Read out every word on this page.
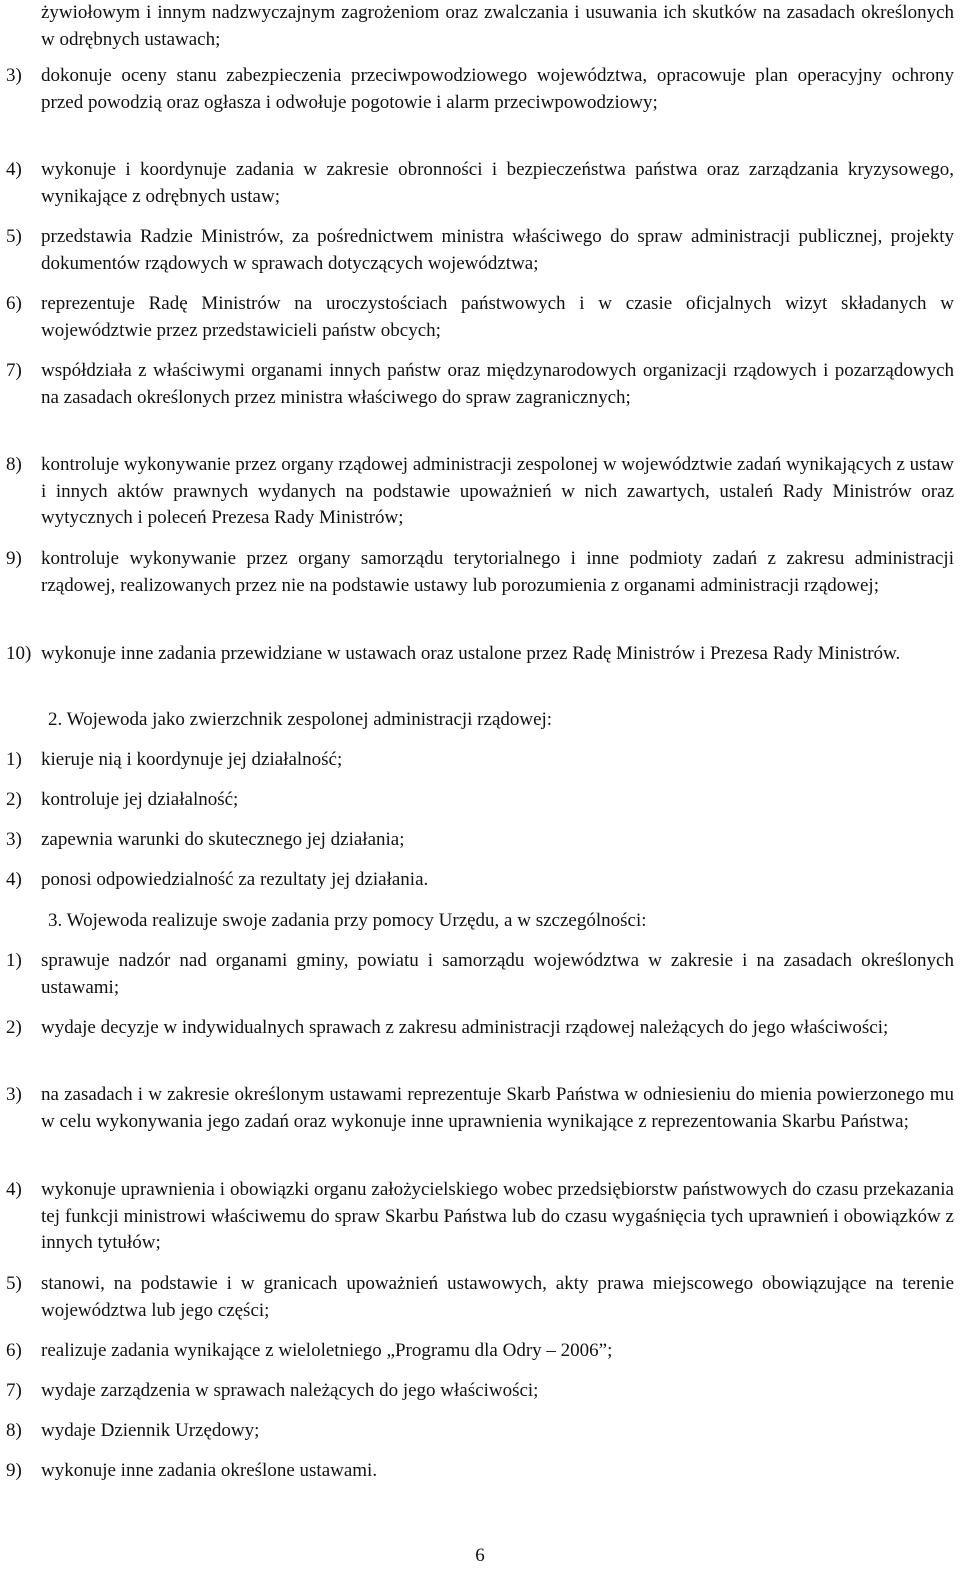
żywiołowym i innym nadzwyczajnym zagrożeniom oraz zwalczania i usuwania ich skutków na zasadach określonych w odrębnych ustawach;
3) dokonuje oceny stanu zabezpieczenia przeciwpowodziowego województwa, opracowuje plan operacyjny ochrony przed powodzią oraz ogłasza i odwołuje pogotowie i alarm przeciwpowodziowy;
4) wykonuje i koordynuje zadania w zakresie obronności i bezpieczeństwa państwa oraz zarządzania kryzysowego, wynikające z odrębnych ustaw;
5) przedstawia Radzie Ministrów, za pośrednictwem ministra właściwego do spraw administracji publicznej, projekty dokumentów rządowych w sprawach dotyczących województwa;
6) reprezentuje Radę Ministrów na uroczystościach państwowych i w czasie oficjalnych wizyt składanych w województwie przez przedstawicieli państw obcych;
7) współdziała z właściwymi organami innych państw oraz międzynarodowych organizacji rządowych i pozarządowych na zasadach określonych przez ministra właściwego do spraw zagranicznych;
8) kontroluje wykonywanie przez organy rządowej administracji zespolonej w województwie zadań wynikających z ustaw i innych aktów prawnych wydanych na podstawie upoważnień w nich zawartych, ustaleń Rady Ministrów oraz wytycznych i poleceń Prezesa Rady Ministrów;
9) kontroluje wykonywanie przez organy samorządu terytorialnego i inne podmioty zadań z zakresu administracji rządowej, realizowanych przez nie na podstawie ustawy lub porozumienia z organami administracji rządowej;
10) wykonuje inne zadania przewidziane w ustawach oraz ustalone przez Radę Ministrów i Prezesa Rady Ministrów.
2. Wojewoda jako zwierzchnik zespolonej administracji rządowej:
1) kieruje nią i koordynuje jej działalność;
2) kontroluje jej działalność;
3) zapewnia warunki do skutecznego jej działania;
4) ponosi odpowiedzialność za rezultaty jej działania.
3. Wojewoda realizuje swoje zadania przy pomocy Urzędu, a w szczególności:
1) sprawuje nadzór nad organami gminy, powiatu i samorządu województwa w zakresie i na zasadach określonych ustawami;
2) wydaje decyzje w indywidualnych sprawach z zakresu administracji rządowej należących do jego właściwości;
3) na zasadach i w zakresie określonym ustawami reprezentuje Skarb Państwa w odniesieniu do mienia powierzonego mu w celu wykonywania jego zadań oraz wykonuje inne uprawnienia wynikające z reprezentowania Skarbu Państwa;
4) wykonuje uprawnienia i obowiązki organu założycielskiego wobec przedsiębiorstw państwowych do czasu przekazania tej funkcji ministrowi właściwemu do spraw Skarbu Państwa lub do czasu wygaśnięcia tych uprawnień i obowiązków z innych tytułów;
5) stanowi, na podstawie i w granicach upoważnień ustawowych, akty prawa miejscowego obowiązujące na terenie województwa lub jego części;
6) realizuje zadania wynikające z wieloletniego „Programu dla Odry – 2006”;
7) wydaje zarządzenia w sprawach należących do jego właściwości;
8) wydaje Dziennik Urzędowy;
9) wykonuje inne zadania określone ustawami.
6
